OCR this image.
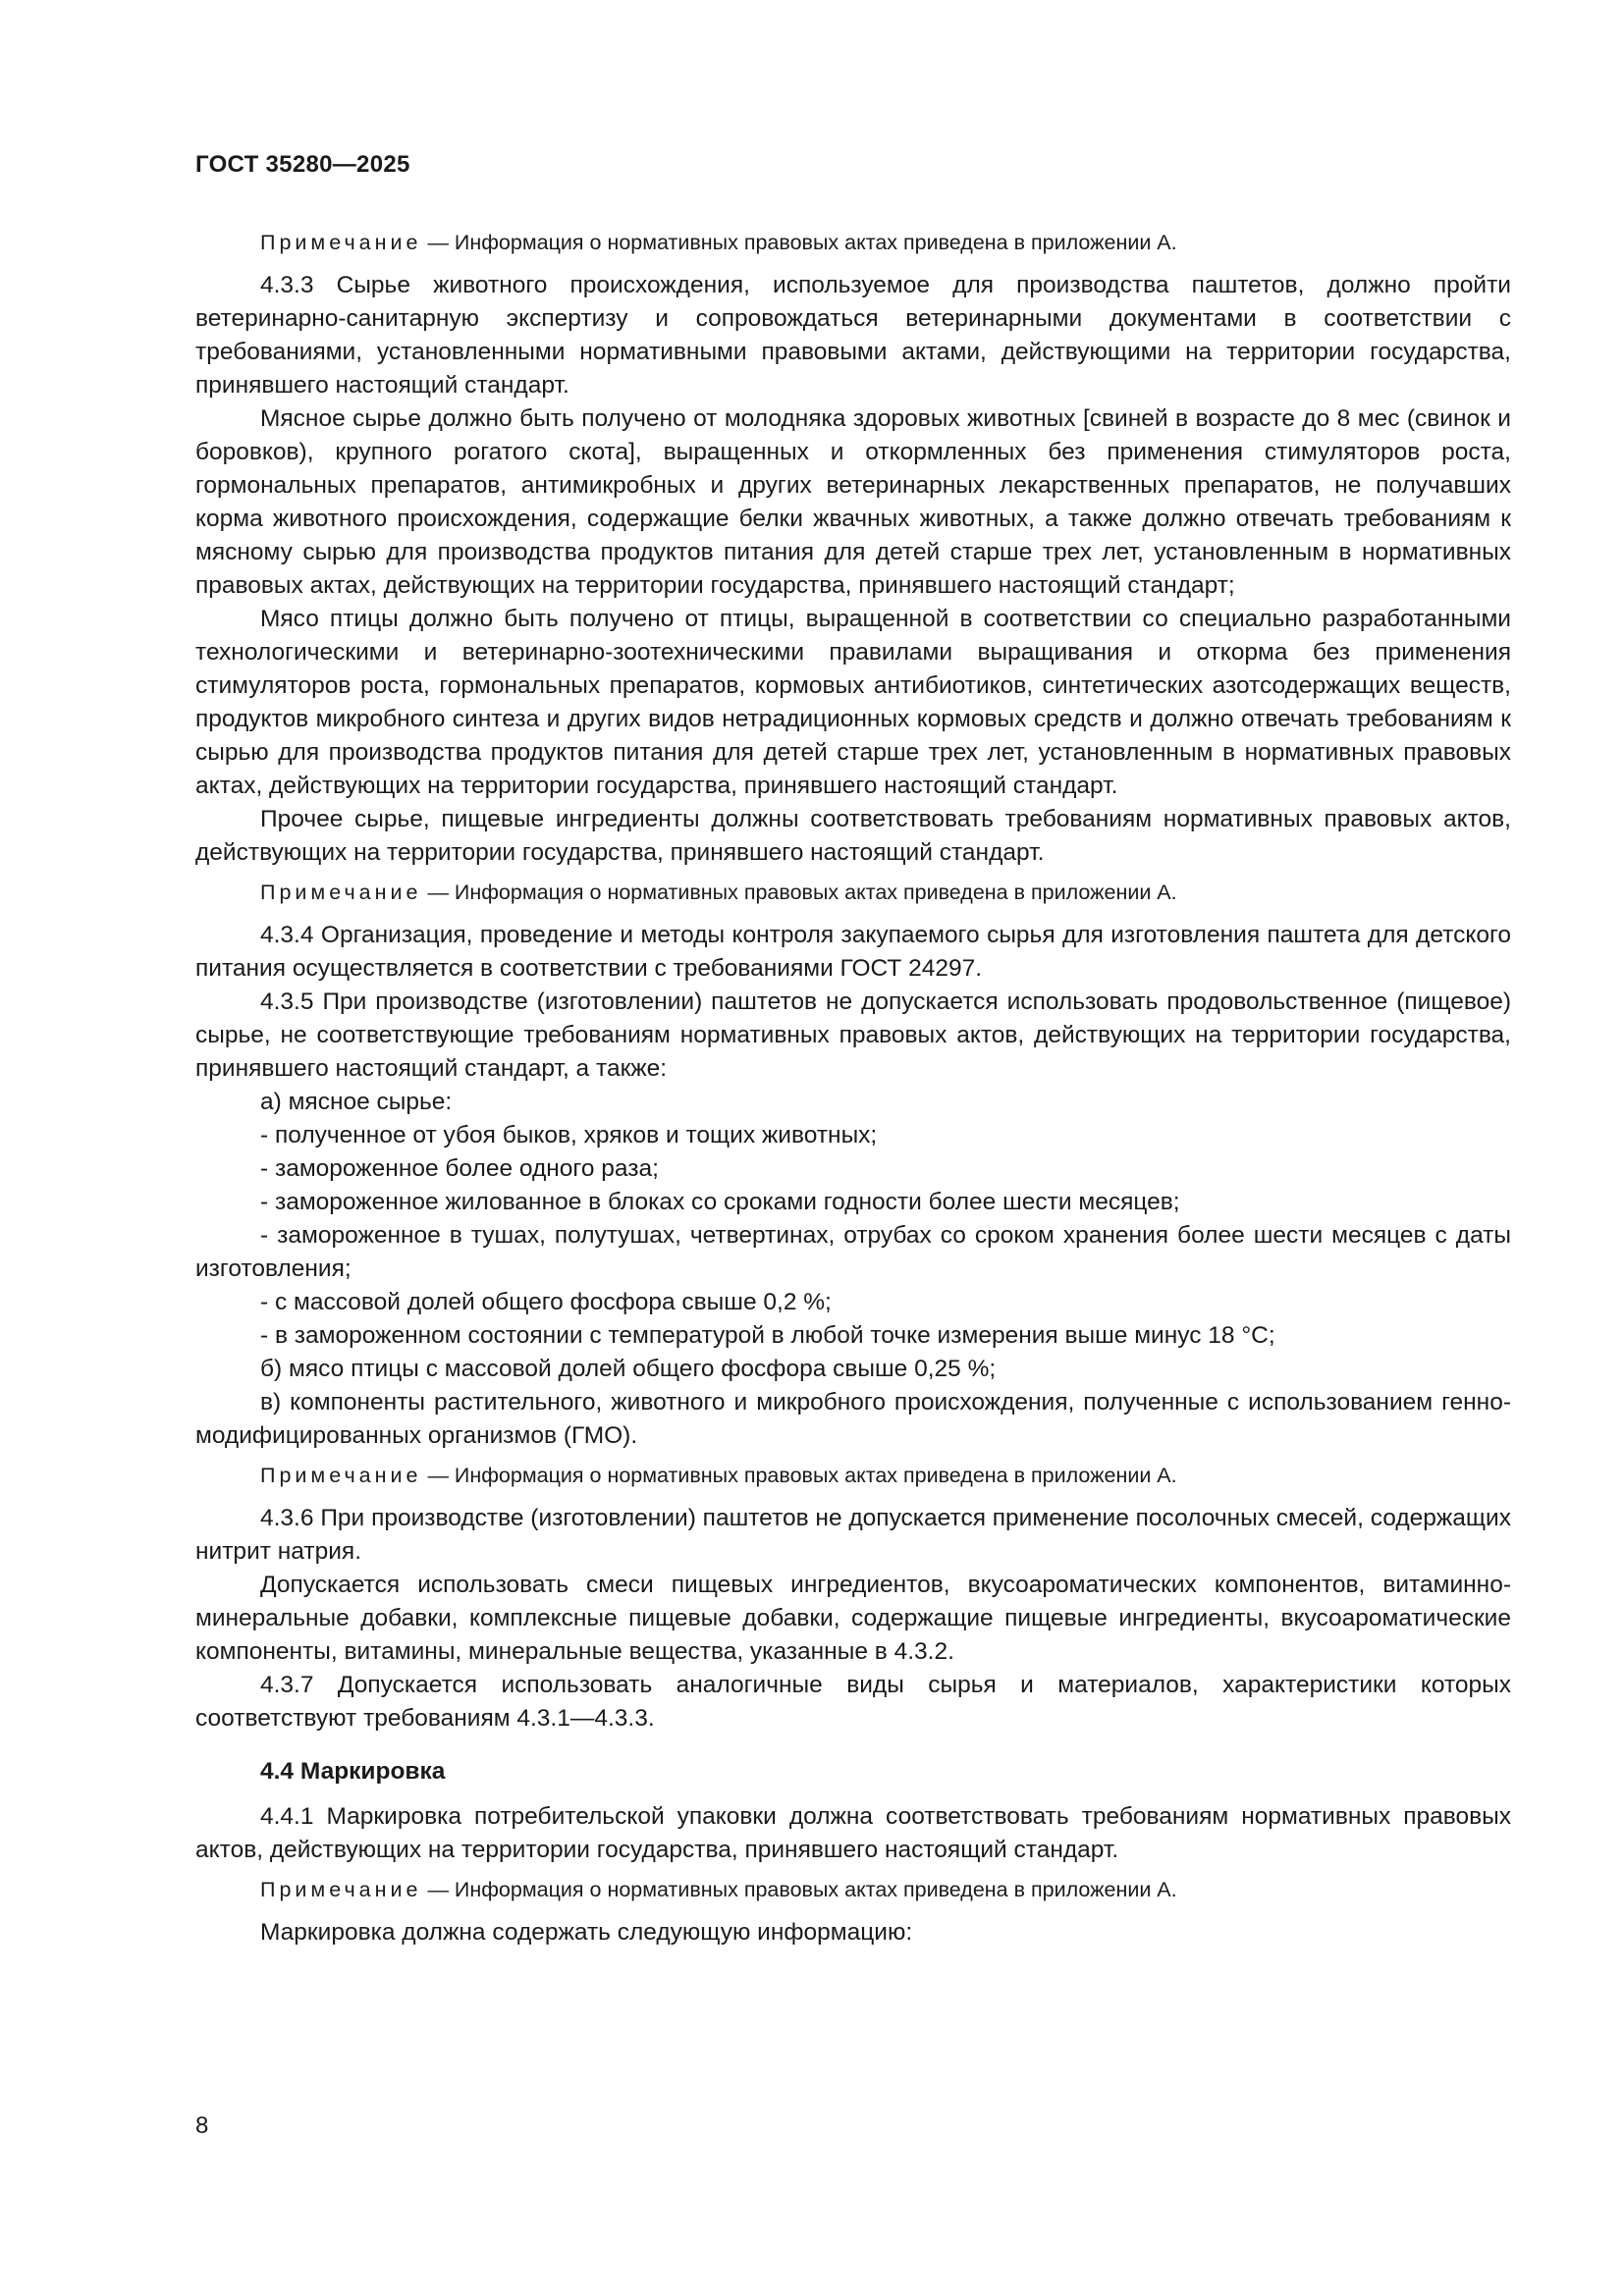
ГОСТ 35280—2025

Примечание — Информация о нормативных правовых актах приведена в приложении А.

4.3.3 Сырье животного происхождения, используемое для производства паштетов, должно пройти ветеринарно-санитарную экспертизу и сопровождаться ветеринарными документами в соответствии с требованиями, установленными нормативными правовыми актами, действующими на территории государства, принявшего настоящий стандарт.

Мясное сырье должно быть получено от молодняка здоровых животных [свиней в возрасте до 8 мес (свинок и боровков), крупного рогатого скота], выращенных и откормленных без применения стимуляторов роста, гормональных препаратов, антимикробных и других ветеринарных лекарственных препаратов, не получавших корма животного происхождения, содержащие белки жвачных животных, а также должно отвечать требованиям к мясному сырью для производства продуктов питания для детей старше трех лет, установленным в нормативных правовых актах, действующих на территории государства, принявшего настоящий стандарт;

Мясо птицы должно быть получено от птицы, выращенной в соответствии со специально разработанными технологическими и ветеринарно-зоотехническими правилами выращивания и откорма без применения стимуляторов роста, гормональных препаратов, кормовых антибиотиков, синтетических азотсодержащих веществ, продуктов микробного синтеза и других видов нетрадиционных кормовых средств и должно отвечать требованиям к сырью для производства продуктов питания для детей старше трех лет, установленным в нормативных правовых актах, действующих на территории государства, принявшего настоящий стандарт.

Прочее сырье, пищевые ингредиенты должны соответствовать требованиям нормативных правовых актов, действующих на территории государства, принявшего настоящий стандарт.

Примечание — Информация о нормативных правовых актах приведена в приложении А.

4.3.4 Организация, проведение и методы контроля закупаемого сырья для изготовления паштета для детского питания осуществляется в соответствии с требованиями ГОСТ 24297.

4.3.5 При производстве (изготовлении) паштетов не допускается использовать продовольственное (пищевое) сырье, не соответствующие требованиям нормативных правовых актов, действующих на территории государства, принявшего настоящий стандарт, а также:

а) мясное сырье:

- полученное от убоя быков, хряков и тощих животных;

- замороженное более одного раза;

- замороженное жилованное в блоках со сроками годности более шести месяцев;

- замороженное в тушах, полутушах, четвертинах, отрубах со сроком хранения более шести месяцев с даты изготовления;

- с массовой долей общего фосфора свыше 0,2 %;

- в замороженном состоянии с температурой в любой точке измерения выше минус 18 °С;

б) мясо птицы с массовой долей общего фосфора свыше 0,25 %;

в) компоненты растительного, животного и микробного происхождения, полученные с использованием генно-модифицированных организмов (ГМО).

Примечание — Информация о нормативных правовых актах приведена в приложении А.

4.3.6 При производстве (изготовлении) паштетов не допускается применение посолочных смесей, содержащих нитрит натрия.

Допускается использовать смеси пищевых ингредиентов, вкусоароматических компонентов, витаминно-минеральные добавки, комплексные пищевые добавки, содержащие пищевые ингредиенты, вкусоароматические компоненты, витамины, минеральные вещества, указанные в 4.3.2.

4.3.7 Допускается использовать аналогичные виды сырья и материалов, характеристики которых соответствуют требованиям 4.3.1—4.3.3.

4.4 Маркировка

4.4.1 Маркировка потребительской упаковки должна соответствовать требованиям нормативных правовых актов, действующих на территории государства, принявшего настоящий стандарт.

Примечание — Информация о нормативных правовых актах приведена в приложении А.

Маркировка должна содержать следующую информацию:

8
